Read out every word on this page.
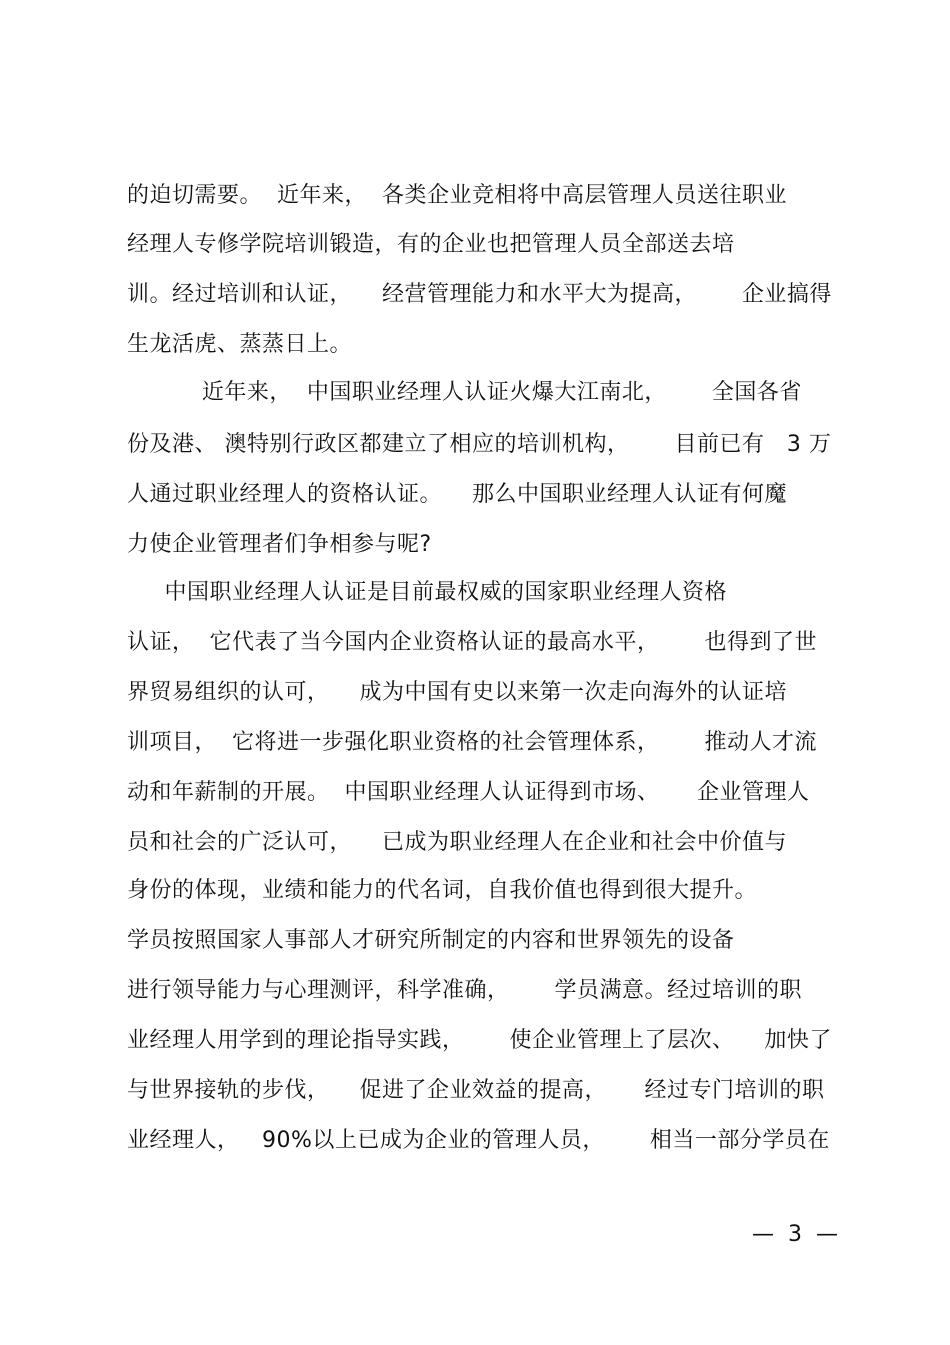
的迫切需要。  近年来，  各类企业竞相将中高层管理人员送往职业
经理人专修学院培训锻造，有的企业也把管理人员全部送去培
训。经过培训和认证，    经营管理能力和水平大为提高，      企业搞得
生龙活虎、蒸蒸日上。
近年来，  中国职业经理人认证火爆大江南北，      全国各省
份及港、 澳特别行政区都建立了相应的培训机构，      目前已有   3 万
人通过职业经理人的资格认证。    那么中国职业经理人认证有何魔
力使企业管理者们争相参与呢?
中国职业经理人认证是目前最权威的国家职业经理人资格
认证，  它代表了当今国内企业资格认证的最高水平，      也得到了世
界贸易组织的认可，    成为中国有史以来第一次走向海外的认证培
训项目，  它将进一步强化职业资格的社会管理体系，      推动人才流
动和年薪制的开展。  中国职业经理人认证得到市场、     企业管理人
员和社会的广泛认可，    已成为职业经理人在企业和社会中价值与
身份的体现，业绩和能力的代名词，自我价值也得到很大提升。
学员按照国家人事部人才研究所制定的内容和世界领先的设备
进行领导能力与心理测评，科学准确，      学员满意。经过培训的职
业经理人用学到的理论指导实践，      使企业管理上了层次、    加快了
与世界接轨的步伐，    促进了企业效益的提高，     经过专门培训的职
业经理人，   90%以上已成为企业的管理人员，      相当一部分学员在
—  3  —
